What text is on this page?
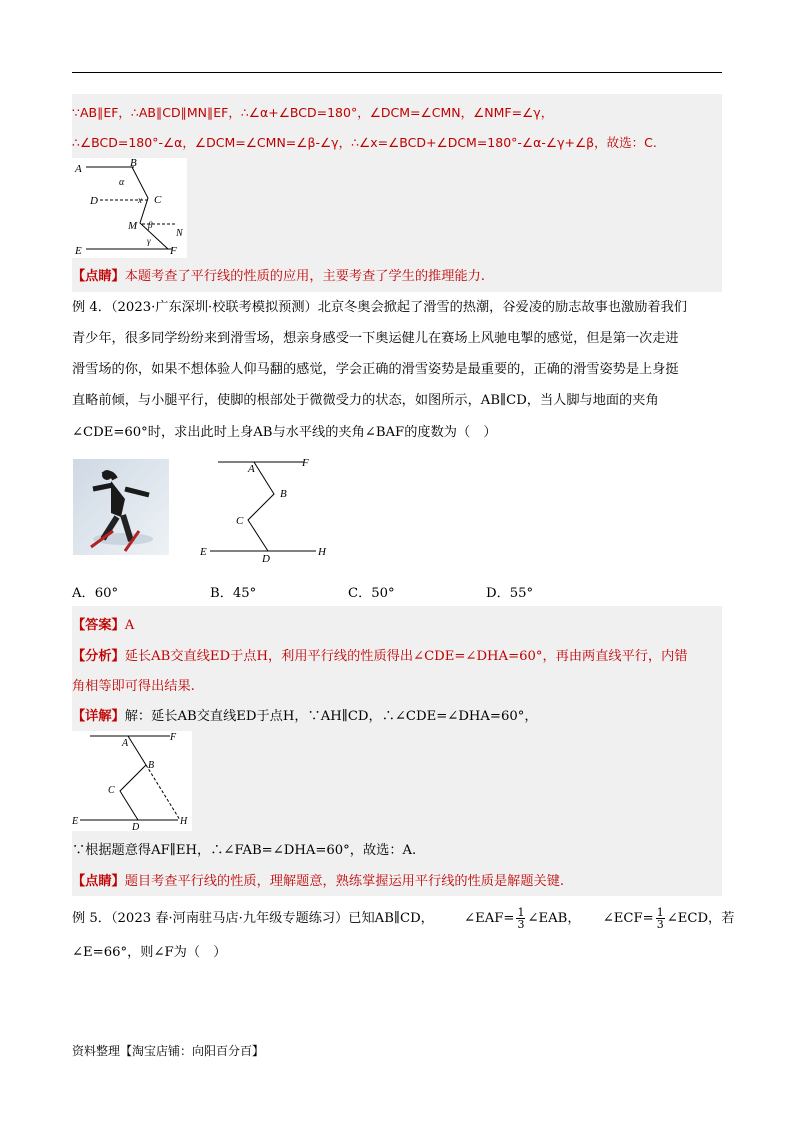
∵AB∥EF，∴AB∥CD∥MN∥EF，∴∠α+∠BCD=180°，∠DCM=∠CMN，∠NMF=∠γ，
∴∠BCD=180°-∠α，∠DCM=∠CMN=∠β-∠γ，∴∠x=∠BCD+∠DCM=180°-∠α-∠γ+∠β，故选：C.
A	B
C
D
E	F
M
N
α
β
γ
x
【点睛】本题考查了平行线的性质的应用，主要考查了学生的推理能力.
例 4．（2023·广东深圳·校联考模拟预测）北京冬奥会掀起了滑雪的热潮，谷爱凌的励志故事也激励着我们
青少年，很多同学纷纷来到滑雪场，想亲身感受一下奥运健儿在赛场上风驰电掣的感觉，但是第一次走进
滑雪场的你，如果不想体验人仰马翻的感觉，学会正确的滑雪姿势是最重要的，正确的滑雪姿势是上身挺
直略前倾，与小腿平行，使脚的根部处于微微受力的状态，如图所示，AB∥CD，当人脚与地面的夹角
∠CDE=60°时，求出此时上身AB与水平线的夹角∠BAF的度数为（　）
A
B
C
D
E
F
H
A．60°	B．45°	C．50°	D．55°
【答案】A
【分析】延长AB交直线ED于点H，利用平行线的性质得出∠CDE=∠DHA=60°，再由两直线平行，内错
角相等即可得出结果.
【详解】解：延长AB交直线ED于点H，∵AH∥CD，∴∠CDE=∠DHA=60°，
A
B
C
D
E
F
H
∵根据题意得AF∥EH，∴∠FAB=∠DHA=60°，故选：A.
【点睛】题目考查平行线的性质，理解题意，熟练掌握运用平行线的性质是解题关键.
例 5．（2023 春·河南驻马店·九年级专题练习）已知AB∥CD， ∠EAF= $\frac{1}{3}$ ∠EAB， ∠ECF= $\frac{1}{3}$ ∠ECD，若
∠E=66°，则∠F为（　）
资料整理【淘宝店铺：向阳百分百】
